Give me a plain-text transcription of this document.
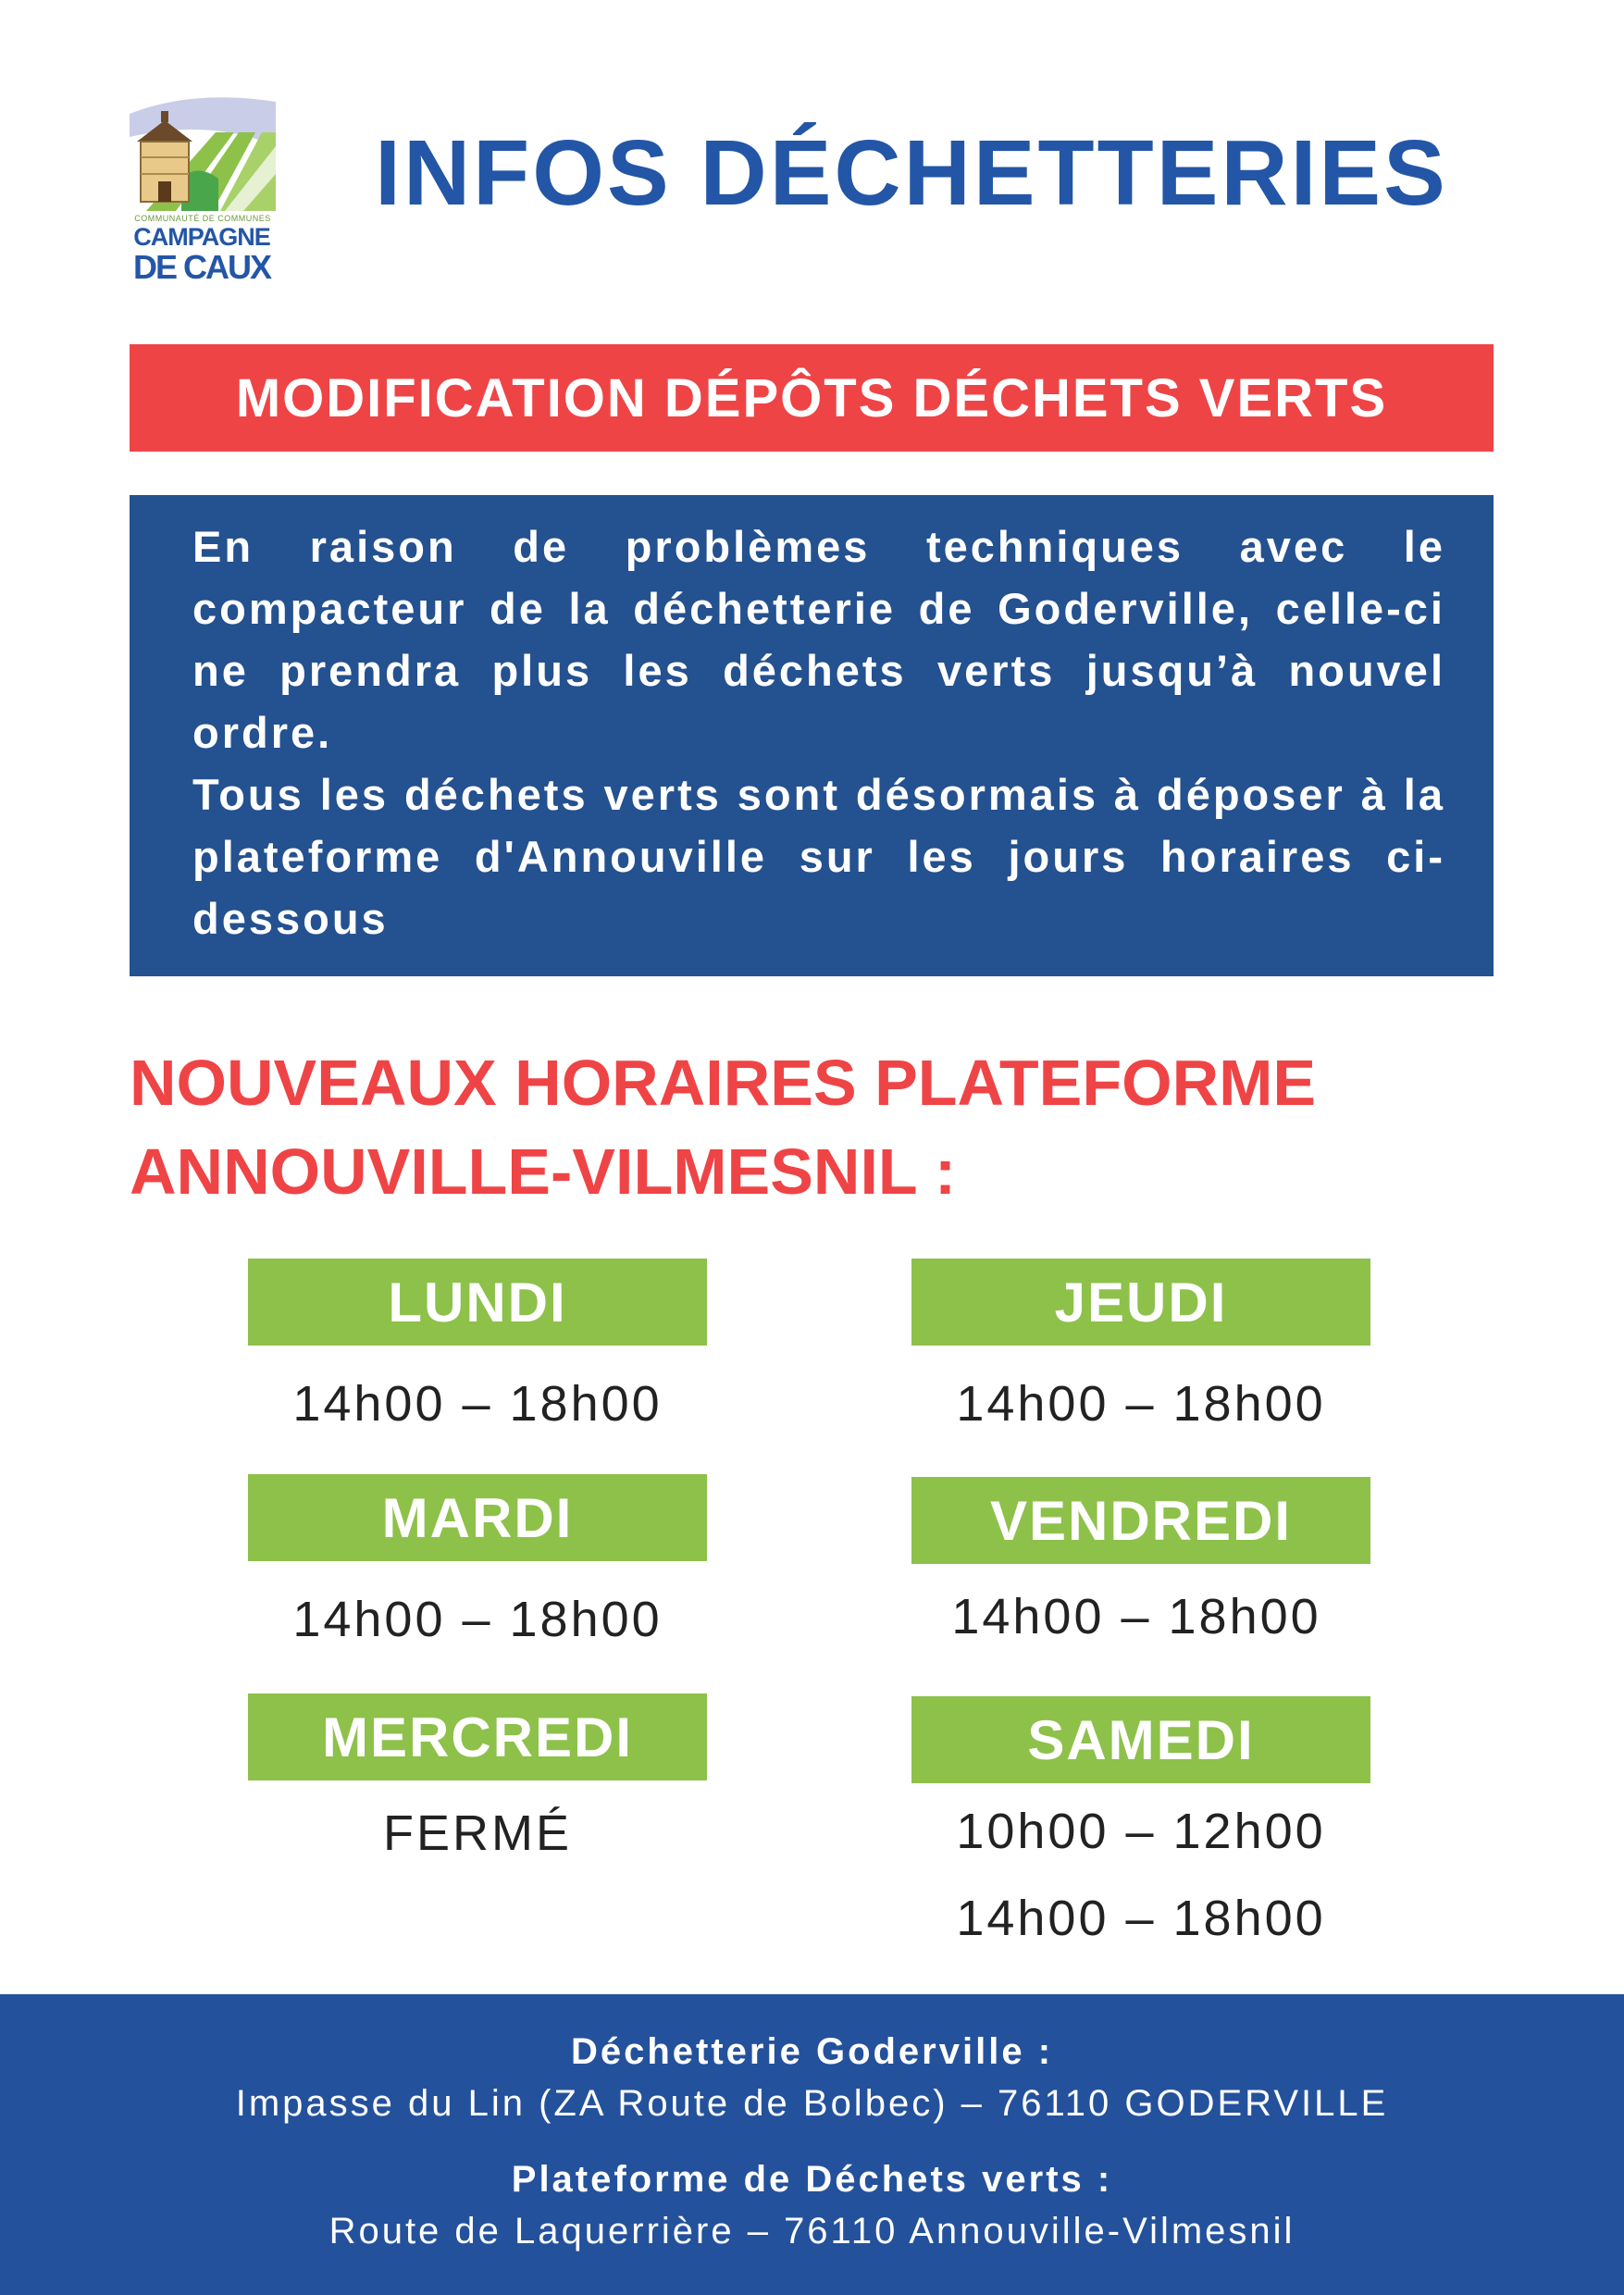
COMMUNAUTÉ DE COMMUNES
CAMPAGNE
DE CAUX
INFOS DÉCHETTERIES
MODIFICATION DÉPÔTS DÉCHETS VERTS

En raison de problèmes techniques avec le compacteur de la déchetterie de Goderville, celle-ci ne prendra plus les déchets verts jusqu’à nouvel ordre.

Tous les déchets verts sont désormais à déposer à la plateforme d'Annouville sur les jours horaires ci-dessous

NOUVEAUX HORAIRES PLATEFORME
ANNOUVILLE-VILMESNIL :
LUNDI
14h00 – 18h00
MARDI
14h00 – 18h00
MERCREDI
FERMÉ
JEUDI
14h00 – 18h00
VENDREDI
14h00 – 18h00
SAMEDI
10h00 – 12h00
14h00 – 18h00
Déchetterie Goderville :
Impasse du Lin (ZA Route de Bolbec) – 76110 GODERVILLE
Plateforme de Déchets verts :
Route de Laquerrière – 76110 Annouville-Vilmesnil
